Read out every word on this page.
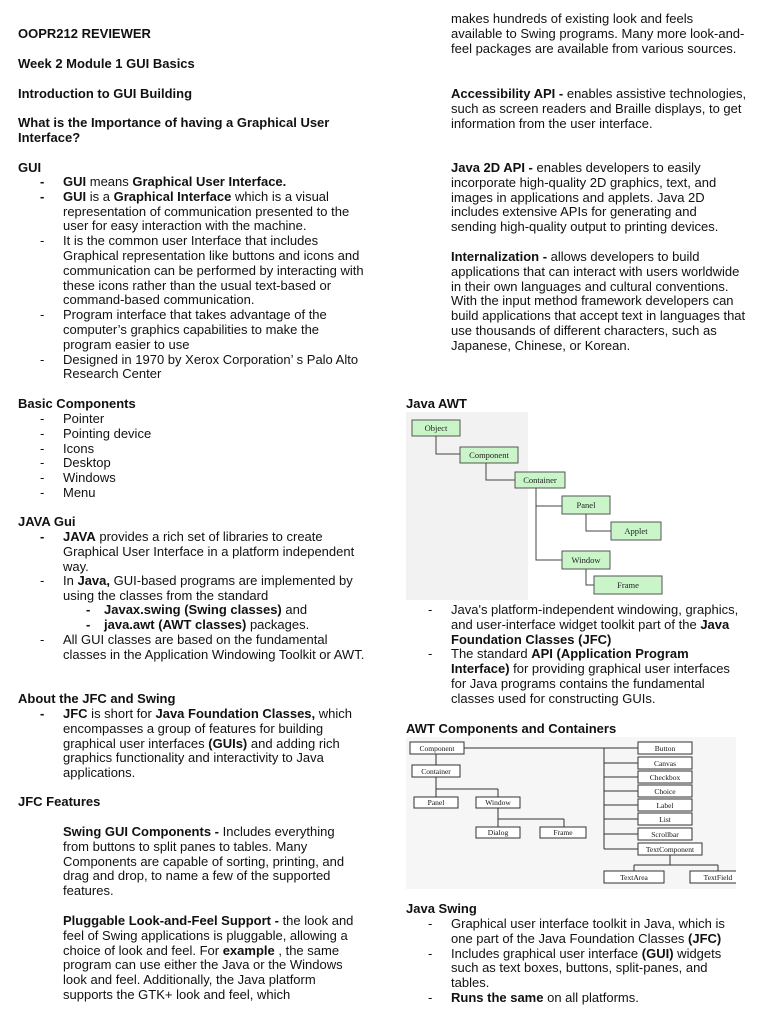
OOPR212 REVIEWER
Week 2 Module 1 GUI Basics
Introduction to GUI Building
What is the Importance of having a Graphical User Interface?
GUI
- GUI means Graphical User Interface.
- GUI is a Graphical Interface which is a visual representation of communication presented to the user for easy interaction with the machine.
- It is the common user Interface that includes Graphical representation like buttons and icons and communication can be performed by interacting with these icons rather than the usual text-based or command-based communication.
- Program interface that takes advantage of the computer’s graphics capabilities to make the program easier to use
- Designed in 1970 by Xerox Corporation’ s Palo Alto Research Center
Basic Components
- Pointer
- Pointing device
- Icons
- Desktop
- Windows
- Menu
JAVA Gui
- JAVA provides a rich set of libraries to create Graphical User Interface in a platform independent way.
- In Java, GUI-based programs are implemented by using the classes from the standard
- Javax.swing (Swing classes) and
- java.awt (AWT classes) packages.
- All GUI classes are based on the fundamental classes in the Application Windowing Toolkit or AWT.
About the JFC and Swing
- JFC is short for Java Foundation Classes, which encompasses a group of features for building graphical user interfaces (GUIs) and adding rich graphics functionality and interactivity to Java applications.
JFC Features

Swing GUI Components - Includes everything from buttons to split panes to tables. Many Components are capable of sorting, printing, and drag and drop, to name a few of the supported features.

Pluggable Look-and-Feel Support - the look and feel of Swing applications is pluggable, allowing a choice of look and feel. For example , the same program can use either the Java or the Windows look and feel. Additionally, the Java platform supports the GTK+ look and feel, which

makes hundreds of existing look and feels available to Swing programs. Many more look-and-feel packages are available from various sources.

Accessibility API - enables assistive technologies, such as screen readers and Braille displays, to get information from the user interface.

Java 2D API - enables developers to easily incorporate high-quality 2D graphics, text, and images in applications and applets. Java 2D includes extensive APIs for generating and sending high-quality output to printing devices.

Internalization - allows developers to build applications that can interact with users worldwide in their own languages and cultural conventions. With the input method framework developers can build applications that accept text in languages that use thousands of different characters, such as Japanese, Chinese, or Korean.

Java AWT
Object
Component
Container
Panel
Applet
Window
Frame
- Java's platform-independent windowing, graphics, and user-interface widget toolkit part of the Java Foundation Classes (JFC)
- The standard API (Application Program Interface) for providing graphical user interfaces for Java programs contains the fundamental classes used for constructing GUIs.
AWT Components and Containers
Component
Container
Panel	Window
Dialog	Frame
Button
Canvas
Checkbox
Choice
Label
List
Scrollbar
TextComponent
TextArea	TextField
Java Swing
- Graphical user interface toolkit in Java, which is one part of the Java Foundation Classes (JFC)
- Includes graphical user interface (GUI) widgets such as text boxes, buttons, split-panes, and tables.
- Runs the same on all platforms.
